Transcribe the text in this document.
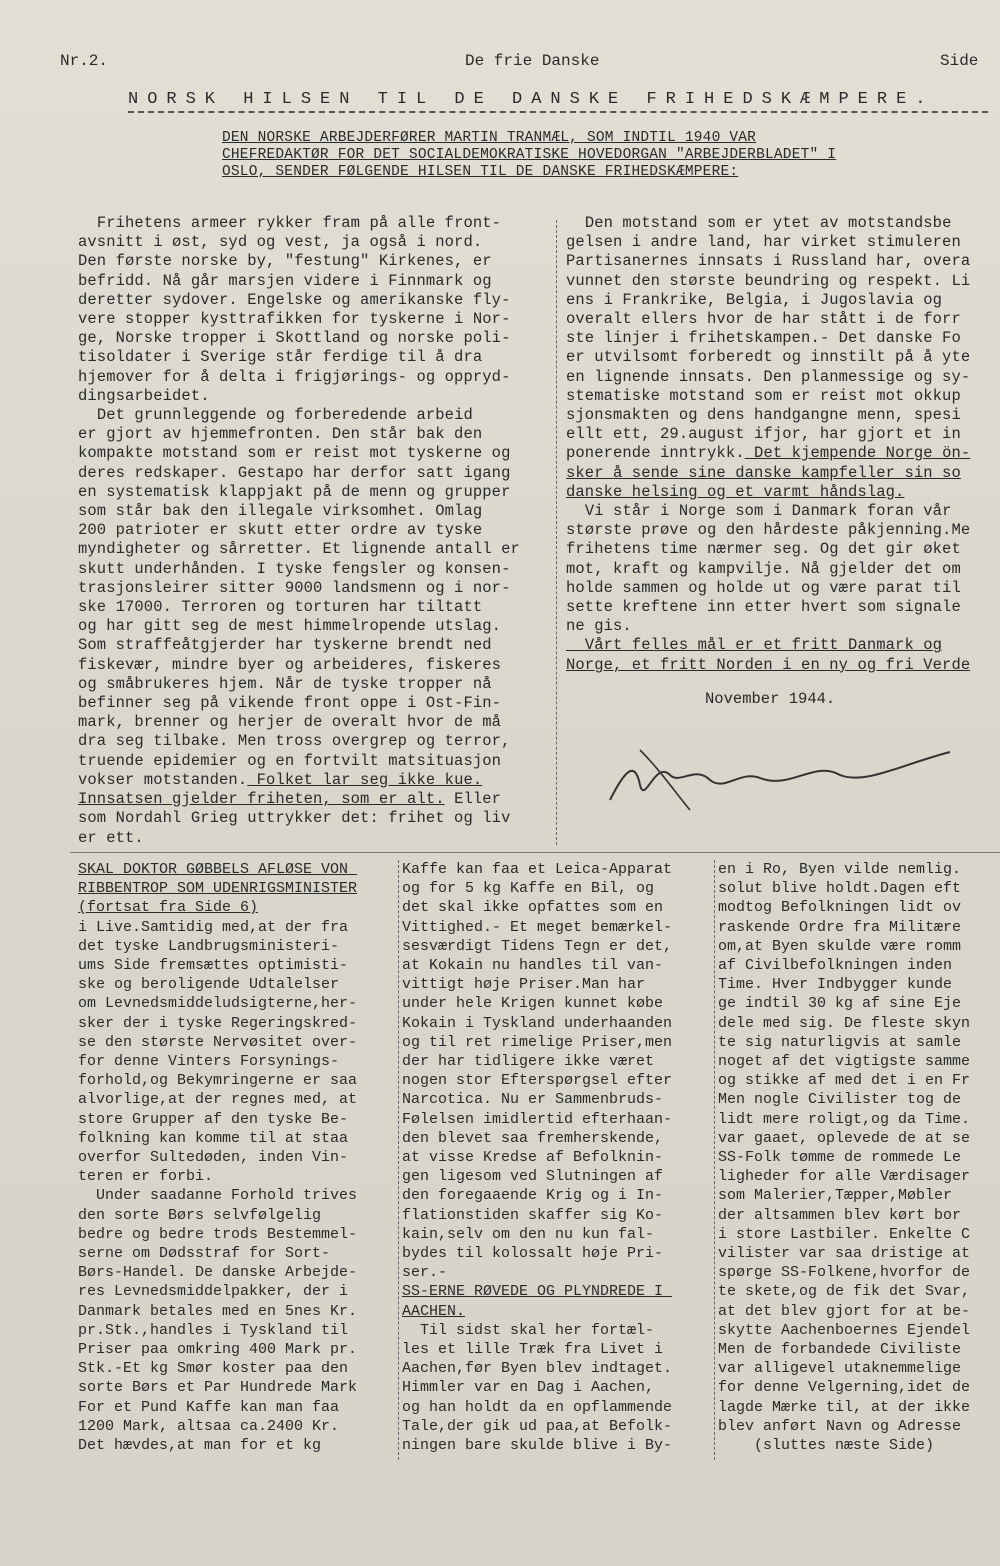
Nr.2.	De frie Danske	Side
NORSK HILSEN TIL DE DANSKE FRIHEDSKÆMPERE.
DEN NORSKE ARBEJDERFØRER MARTIN TRANMÆL, SOM INDTIL 1940 VAR CHEFREDAKTØR FOR DET SOCIALDEMOKRATISKE HOVEDORGAN "ARBEJDERBLADET" I OSLO, SENDER FØLGENDE HILSEN TIL DE DANSKE FRIHEDSKÆMPERE:
Frihetens armeer rykker fram på alle front-
avsnitt i øst, syd og vest, ja også i nord.
Den første norske by, "festung" Kirkenes, er
befridd. Nå går marsjen videre i Finnmark og
deretter sydover. Engelske og amerikanske fly-
vere stopper kysttrafikken for tyskerne i Nor-
ge, Norske tropper i Skottland og norske poli-
tisoldater i Sverige står ferdige til å dra
hjemover for å delta i frigjørings- og oppryd-
dingsarbeidet.
Det grunnleggende og forberedende arbeid
er gjort av hjemmefronten. Den står bak den
kompakte motstand som er reist mot tyskerne og
deres redskaper. Gestapo har derfor satt igang
en systematisk klappjakt på de menn og grupper
som står bak den illegale virksomhet. Omlag
200 patrioter er skutt etter ordre av tyske
myndigheter og sårretter. Et lignende antall er
skutt underhånden. I tyske fengsler og konsen-
trasjonsleirer sitter 9000 landsmenn og i nor-
ske 17000. Terroren og torturen har tiltatt
og har gitt seg de mest himmelropende utslag.
Som straffeåtgjerder har tyskerne brendt ned
fiskevær, mindre byer og arbeideres, fiskeres
og småbrukeres hjem. Når de tyske tropper nå
befinner seg på vikende front oppe i Ost-Fin-
mark, brenner og herjer de overalt hvor de må
dra seg tilbake. Men tross overgrep og terror,
truende epidemier og en fortvilt matsituasjon
vokser motstanden. Folket lar seg ikke kue.
Innsatsen gjelder friheten, som er alt. Eller
som Nordahl Grieg uttrykker det: frihet og liv
er ett.
Den motstand som er ytet av motstandsbe
gelsen i andre land, har virket stimuleren
Partisanernes innsats i Russland har, overa
vunnet den største beundring og respekt. Li
ens i Frankrike, Belgia, i Jugoslavia og
overalt ellers hvor de har stått i de forr
ste linjer i frihetskampen.- Det danske Fo
er utvilsomt forberedt og innstilt på å yte
en lignende innsats. Den planmessige og sy-
stematiske motstand som er reist mot okkup
sjonsmakten og dens handgangne menn, spesi
ellt ett, 29.august ifjor, har gjort et in
ponerende inntrykk. Det kjempende Norge ön-
sker å sende sine danske kampfeller sin so
danske helsing og et varmt håndslag.
Vi står i Norge som i Danmark foran vår
største prøve og den hårdeste påkjenning.Me
frihetens time nærmer seg. Og det gir øket
mot, kraft og kampvilje. Nå gjelder det om
holde sammen og holde ut og være parat til
sette kreftene inn etter hvert som signale
ne gis.
Vårt felles mål er et fritt Danmark og
Norge, et fritt Norden i en ny og fri Verde
November 1944.
SKAL DOKTOR GØBBELS AFLØSE VON RIBBENTROP SOM UDENRIGSMINISTER
(fortsat fra Side 6)
i Live.Samtidig med,at der fra
det tyske Landbrugsministeri-
ums Side fremsættes optimisti-
ske og beroligende Udtalelser
om Levnedsmiddeludsigterne,her-
sker der i tyske Regeringskred-
se den største Nervøsitet over-
for denne Vinters Forsynings-
forhold,og Bekymringerne er saa
alvorlige,at der regnes med, at
store Grupper af den tyske Be-
folkning kan komme til at staa
overfor Sultedøden, inden Vin-
teren er forbi.
Under saadanne Forhold trives
den sorte Børs selvfølgelig
bedre og bedre trods Bestemmel-
serne om Dødsstraf for Sort-
Børs-Handel. De danske Arbejde-
res Levnedsmiddelpakker, der i
Danmark betales med en 5nes Kr.
pr.Stk.,handles i Tyskland til
Priser paa omkring 400 Mark pr.
Stk.-Et kg Smør koster paa den
sorte Børs et Par Hundrede Mark
For et Pund Kaffe kan man faa
1200 Mark, altsaa ca.2400 Kr.
Det hævdes,at man for et kg
Kaffe kan faa et Leica-Apparat
og for 5 kg Kaffe en Bil, og
det skal ikke opfattes som en
Vittighed.- Et meget bemærkel-
sesværdigt Tidens Tegn er det,
at Kokain nu handles til van-
vittigt høje Priser.Man har
under hele Krigen kunnet købe
Kokain i Tyskland underhaanden
og til ret rimelige Priser,men
der har tidligere ikke været
nogen stor Efterspørgsel efter
Narcotica. Nu er Sammenbruds-
Følelsen imidlertid efterhaan-
den blevet saa fremherskende,
at visse Kredse af Befolknin-
gen ligesom ved Slutningen af
den foregaaende Krig og i In-
flationstiden skaffer sig Ko-
kain,selv om den nu kun fal-
bydes til kolossalt høje Pri-
ser.-

SS-ERNE RØVEDE OG PLYNDREDE I AACHEN.
Til sidst skal her fortæl-
les et lille Træk fra Livet i
Aachen,før Byen blev indtaget.
Himmler var en Dag i Aachen,
og han holdt da en opflammende
Tale,der gik ud paa,at Befolk-
ningen bare skulde blive i By-
en i Ro, Byen vilde nemlig.
solut blive holdt.Dagen eft
modtog Befolkningen lidt ov
raskende Ordre fra Militære
om,at Byen skulde være romm
af Civilbefolkningen inden
Time. Hver Indbygger kunde
ge indtil 30 kg af sine Eje
dele med sig. De fleste skyn
te sig naturligvis at samle
noget af det vigtigste samme
og stikke af med det i en Fr
Men nogle Civilister tog de
lidt mere roligt,og da Time.
var gaaet, oplevede de at se
SS-Folk tømme de rommede Le
ligheder for alle Værdisager
som Malerier,Tæpper,Møbler
der altsammen blev kørt bor
i store Lastbiler. Enkelte C
vilister var saa dristige at
spørge SS-Folkene,hvorfor de
te skete,og de fik det Svar,
at det blev gjort for at be-
skytte Aachenboernes Ejendel
Men de forbandede Civiliste
var alligevel utaknemmelige
for denne Velgerning,idet de
lagde Mærke til, at der ikke
blev anført Navn og Adresse
(sluttes næste Side)
